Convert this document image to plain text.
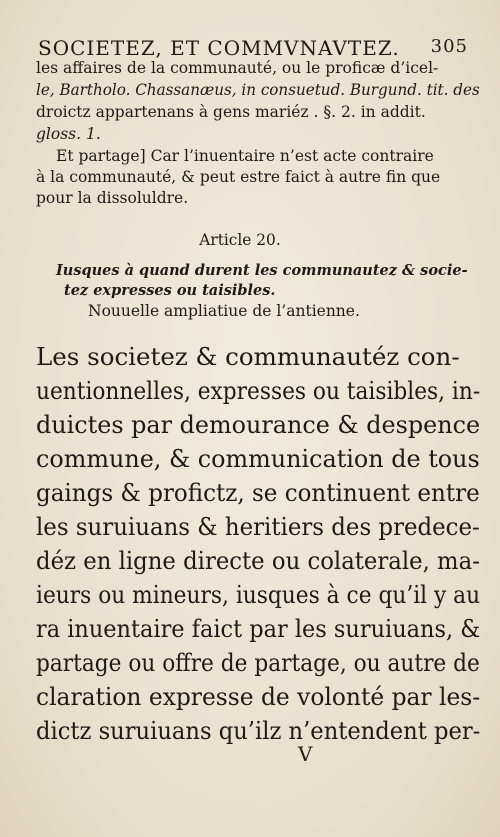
SOCIETEZ, ET COMMVNAVTEZ. 305
les affaires de la communauté, ou le proficӕ d’icel-
le, Bartholo. Chassanæus, in consuetud. Burgund. tit. des
droictz appartenans à gens mariéz . §. 2. in addit.
gloss. 1.
Et partage] Car l’inuentaire n’est acte contraire
à la communauté, & peut estre faict à autre fin que
pour la dissoluldre.
Article 20.
Iusques à quand durent les communautez & socie-
tez expresses ou taisibles.
Nouuelle ampliatiue de l’antienne.
Les societez & communautéz con-
uentionnelles, expresses ou taisibles, in-
duictes par demourance & despence
commune, & communication de tous
gaings & profictz, se continuent entre
les suruiuans & heritiers des predece-
déz en ligne directe ou colaterale, ma-
ieurs ou mineurs, iusques à ce qu’il y au
ra inuentaire faict par les suruiuans, &
partage ou offre de partage, ou autre de
claration expresse de volonté par les-
dictz suruiuans qu’ilz n’entendent per-
V
